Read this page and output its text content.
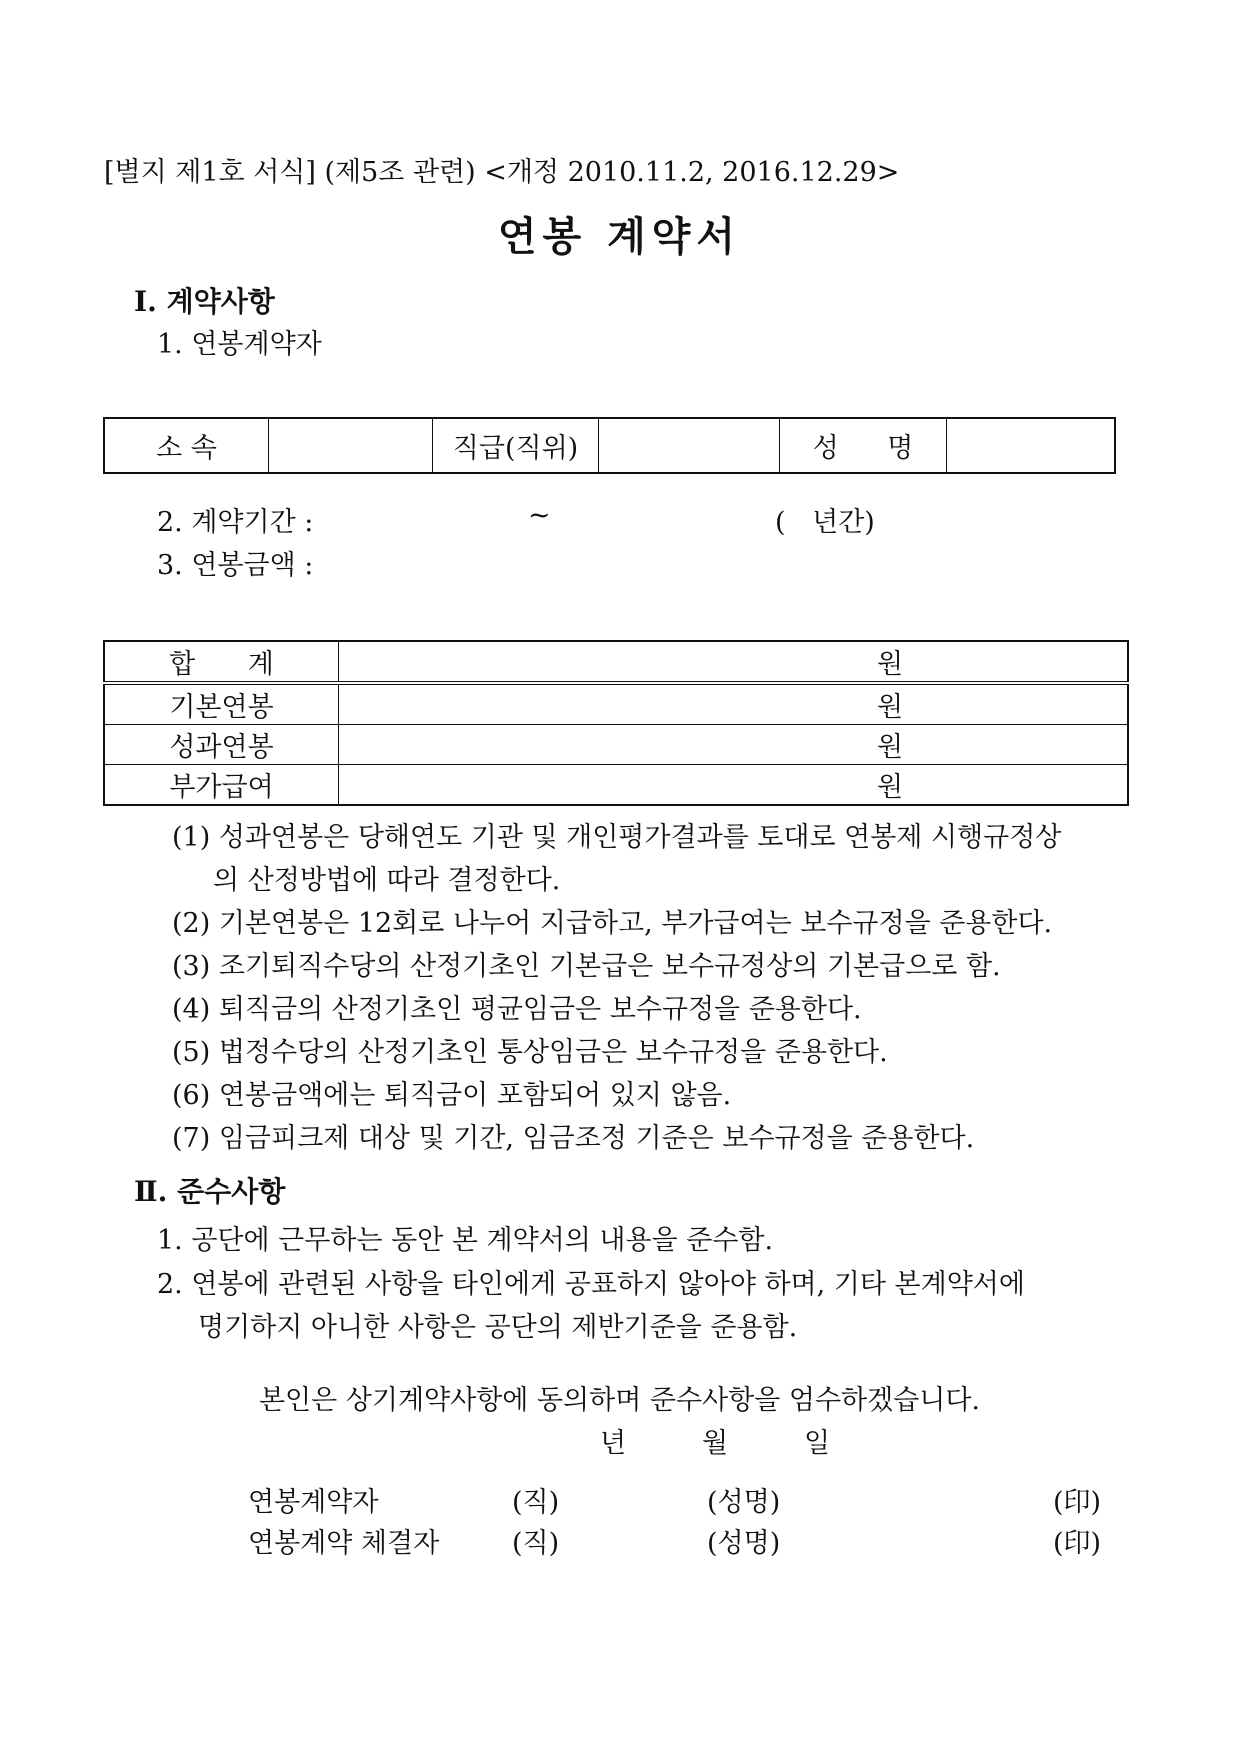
[별지 제1호 서식] (제5조 관련) <개정 2010.11.2, 2016.12.29>
연봉 계약서
Ⅰ. 계약사항
1. 연봉계약자
소 속		직급(직위)		성 명	
2. 계약기간 :	~	( 년간)
3. 연봉금액 :
합 계	원
기본연봉	원
성과연봉	원
부가급여	원
(1) 성과연봉은 당해연도 기관 및 개인평가결과를 토대로 연봉제 시행규정상
의 산정방법에 따라 결정한다.
(2) 기본연봉은 12회로 나누어 지급하고, 부가급여는 보수규정을 준용한다.
(3) 조기퇴직수당의 산정기초인 기본급은 보수규정상의 기본급으로 함.
(4) 퇴직금의 산정기초인 평균임금은 보수규정을 준용한다.
(5) 법정수당의 산정기초인 통상임금은 보수규정을 준용한다.
(6) 연봉금액에는 퇴직금이 포함되어 있지 않음.
(7) 임금피크제 대상 및 기간, 임금조정 기준은 보수규정을 준용한다.
Ⅱ. 준수사항
1. 공단에 근무하는 동안 본 계약서의 내용을 준수함.
2. 연봉에 관련된 사항을 타인에게 공표하지 않아야 하며, 기타 본계약서에
명기하지 아니한 사항은 공단의 제반기준을 준용함.
본인은 상기계약사항에 동의하며 준수사항을 엄수하겠습니다.
년	월	일
연봉계약자	(직)	(성명)	(印)
연봉계약 체결자	(직)	(성명)	(印)
